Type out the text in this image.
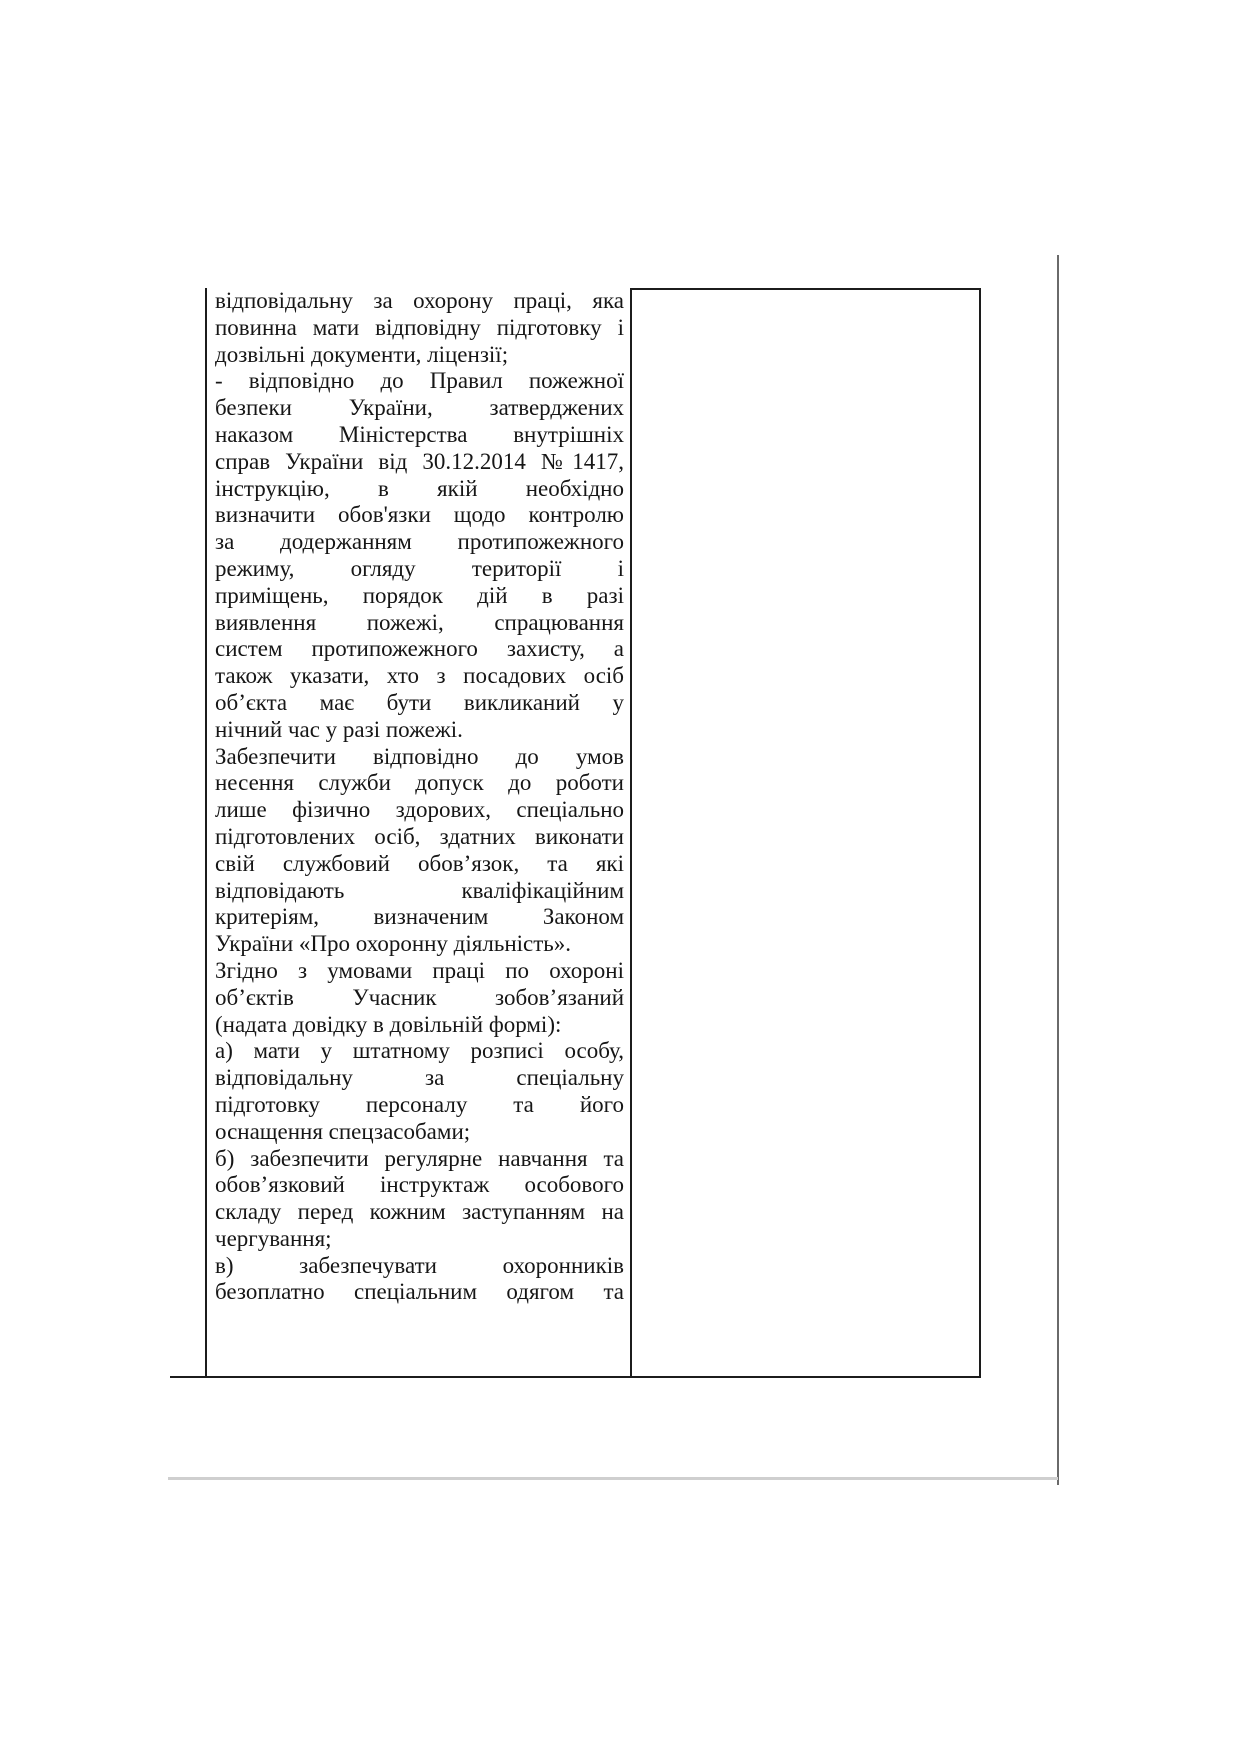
відповідальну за охорону праці, яка
повинна мати відповідну підготовку і
дозвільні документи, ліцензії;
- відповідно до Правил пожежної
безпеки України, затверджених
наказом Міністерства внутрішніх
справ України від 30.12.2014 №1417,
інструкцію, в якій необхідно
визначити обов'язки щодо контролю
за додержанням протипожежного
режиму, огляду території і
приміщень, порядок дій в разі
виявлення пожежі, спрацювання
систем протипожежного захисту, а
також указати, хто з посадових осіб
об’єкта має бути викликаний у
нічний час у разі пожежі.
Забезпечити відповідно до умов
несення служби допуск до роботи
лише фізично здорових, спеціально
підготовлених осіб, здатних виконати
свій службовий обов’язок, та які
відповідають кваліфікаційним
критеріям, визначеним Законом
України «Про охоронну діяльність».
Згідно з умовами праці по охороні
об’єктів Учасник зобов’язаний
(надата довідку в довільній формі):
а) мати у штатному розписі особу,
відповідальну за спеціальну
підготовку персоналу та його
оснащення спецзасобами;
б) забезпечити регулярне навчання та
обов’язковий інструктаж особового
складу перед кожним заступанням на
чергування;
в) забезпечувати охоронників
безоплатно спеціальним одягом та
